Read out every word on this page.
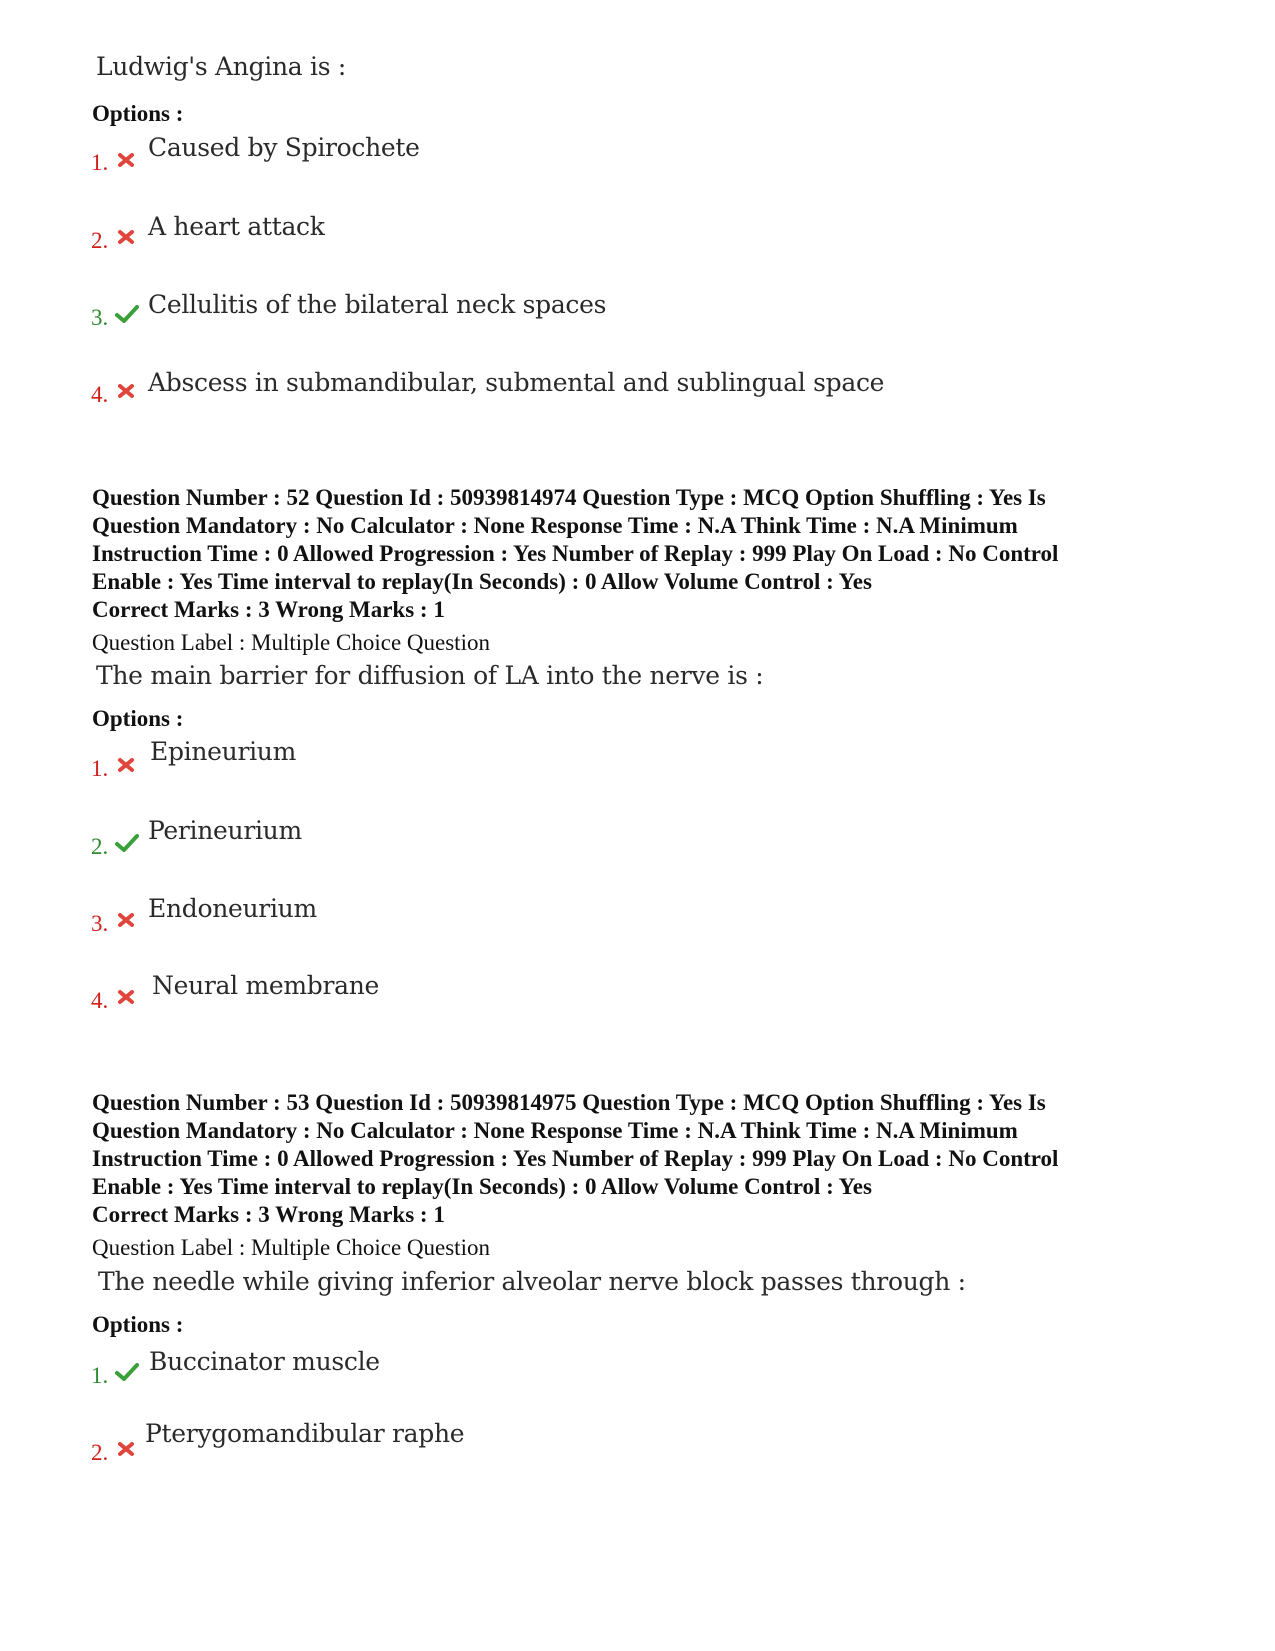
Ludwig's Angina is :
Options :
1.
Caused by Spirochete
2. A heart attack
3. Cellulitis of the bilateral neck spaces
4. Abscess in submandibular, submental and sublingual space
Question Number : 52 Question Id : 50939814974 Question Type : MCQ Option Shuffling : Yes Is
Question Mandatory : No Calculator : None Response Time : N.A Think Time : N.A Minimum
Instruction Time : 0 Allowed Progression : Yes Number of Replay : 999 Play On Load : No Control
Enable : Yes Time interval to replay(In Seconds) : 0 Allow Volume Control : Yes
Correct Marks : 3 Wrong Marks : 1
Question Label : Multiple Choice Question
The main barrier for diffusion of LA into the nerve is :
Options :
1.
Epineurium
2.
Perineurium
3.
Endoneurium
4.
Neural membrane
Question Number : 53 Question Id : 50939814975 Question Type : MCQ Option Shuffling : Yes Is
Question Mandatory : No Calculator : None Response Time : N.A Think Time : N.A Minimum
Instruction Time : 0 Allowed Progression : Yes Number of Replay : 999 Play On Load : No Control
Enable : Yes Time interval to replay(In Seconds) : 0 Allow Volume Control : Yes
Correct Marks : 3 Wrong Marks : 1
Question Label : Multiple Choice Question
The needle while giving inferior alveolar nerve block passes through :
Options :
1. Buccinator muscle
2.
Pterygomandibular raphe
